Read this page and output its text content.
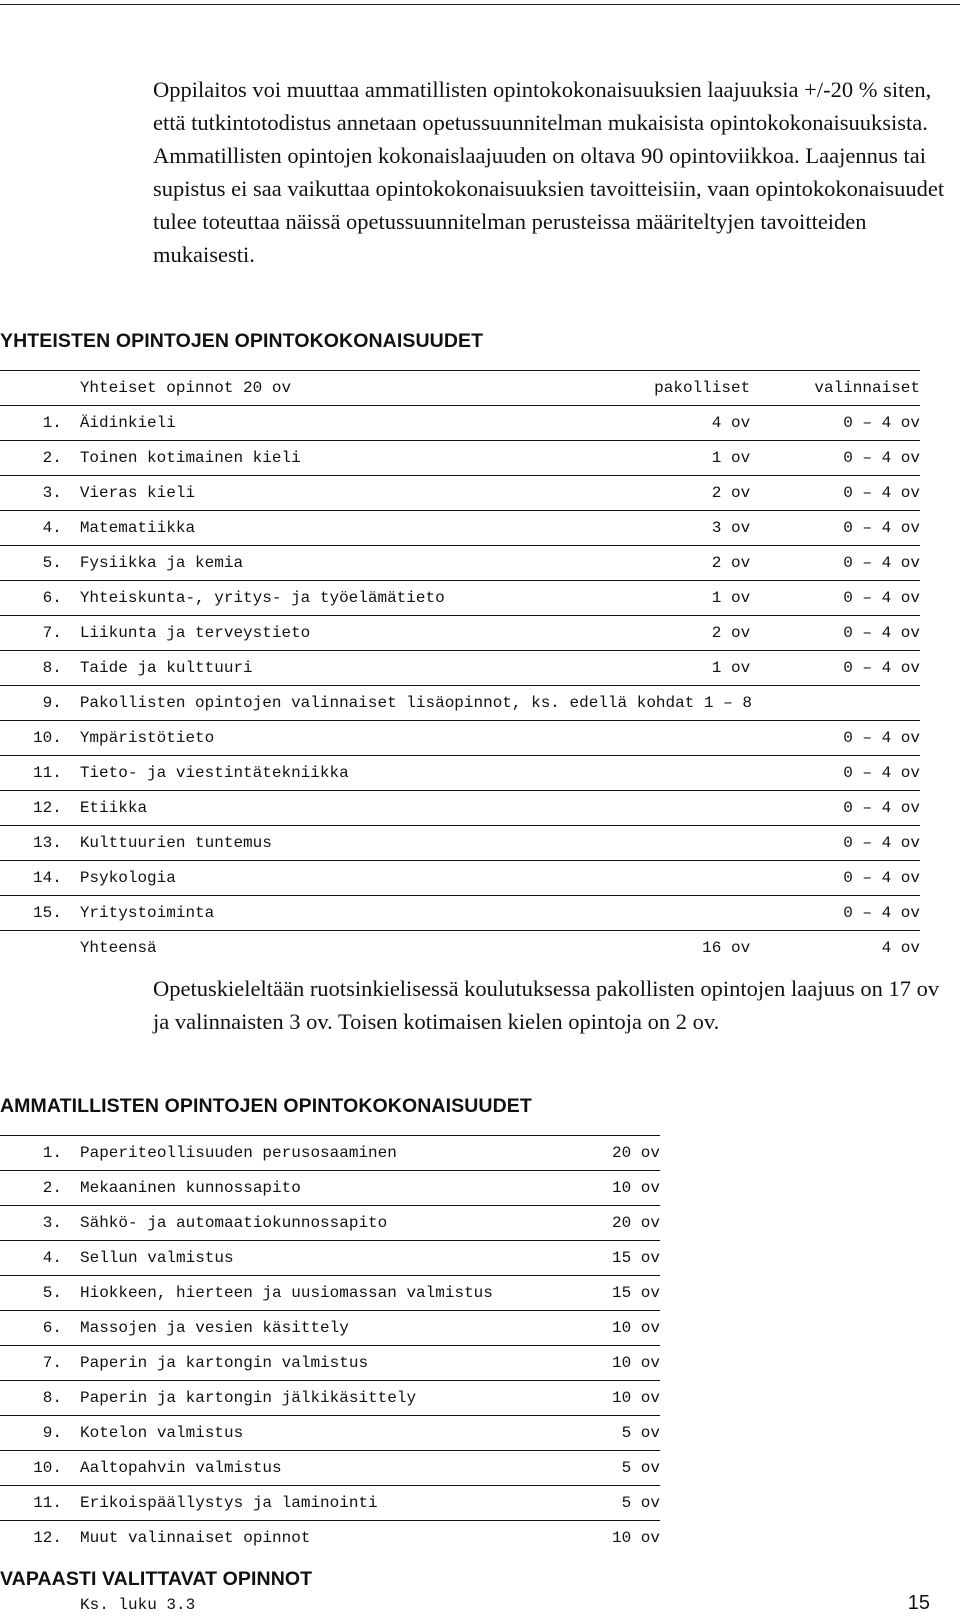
Oppilaitos voi muuttaa ammatillisten opintokokonaisuuksien laajuuksia +/-20 % siten, että tutkintotodistus annetaan opetussuunnitelman mukaisista opintokokonaisuuksista. Ammatillisten opintojen kokonaislaajuuden on oltava 90 opintoviikkoa. Laajennus tai supistus ei saa vaikuttaa opintokokonaisuuksien tavoitteisiin, vaan opintokokonaisuudet tulee toteuttaa näissä opetussuunnitelman perusteissa määriteltyjen tavoitteiden mukaisesti.

YHTEISTEN OPINTOJEN OPINTOKOKONAISUUDET
	Yhteiset opinnot 20 ov	pakolliset	valinnaiset
1.	Äidinkieli	4 ov	0 – 4 ov
2.	Toinen kotimainen kieli	1 ov	0 – 4 ov
3.	Vieras kieli	2 ov	0 – 4 ov
4.	Matematiikka	3 ov	0 – 4 ov
5.	Fysiikka ja kemia	2 ov	0 – 4 ov
6.	Yhteiskunta-, yritys- ja työelämätieto	1 ov	0 – 4 ov
7.	Liikunta ja terveystieto	2 ov	0 – 4 ov
8.	Taide ja kulttuuri	1 ov	0 – 4 ov
9.	Pakollisten opintojen valinnaiset lisäopinnot, ks. edellä kohdat 1 – 8		
10.	Ympäristötieto		0 – 4 ov
11.	Tieto- ja viestintätekniikka		0 – 4 ov
12.	Etiikka		0 – 4 ov
13.	Kulttuurien tuntemus		0 – 4 ov
14.	Psykologia		0 – 4 ov
15.	Yritystoiminta		0 – 4 ov
	Yhteensä	16 ov	4 ov

Opetuskieleltään ruotsinkielisessä koulutuksessa pakollisten opintojen laajuus on 17 ov ja valinnaisten 3 ov. Toisen kotimaisen kielen opintoja on 2 ov.

AMMATILLISTEN OPINTOJEN OPINTOKOKONAISUUDET
1.	Paperiteollisuuden perusosaaminen	20 ov
2.	Mekaaninen kunnossapito	10 ov
3.	Sähkö- ja automaatiokunnossapito	20 ov
4.	Sellun valmistus	15 ov
5.	Hiokkeen, hierteen ja uusiomassan valmistus	15 ov
6.	Massojen ja vesien käsittely	10 ov
7.	Paperin ja kartongin valmistus	10 ov
8.	Paperin ja kartongin jälkikäsittely	10 ov
9.	Kotelon valmistus	5 ov
10.	Aaltopahvin valmistus	5 ov
11.	Erikoispäällystys ja laminointi	5 ov
12.	Muut valinnaiset opinnot	10 ov
VAPAASTI VALITTAVAT OPINNOT
Ks. luku 3.3	15
